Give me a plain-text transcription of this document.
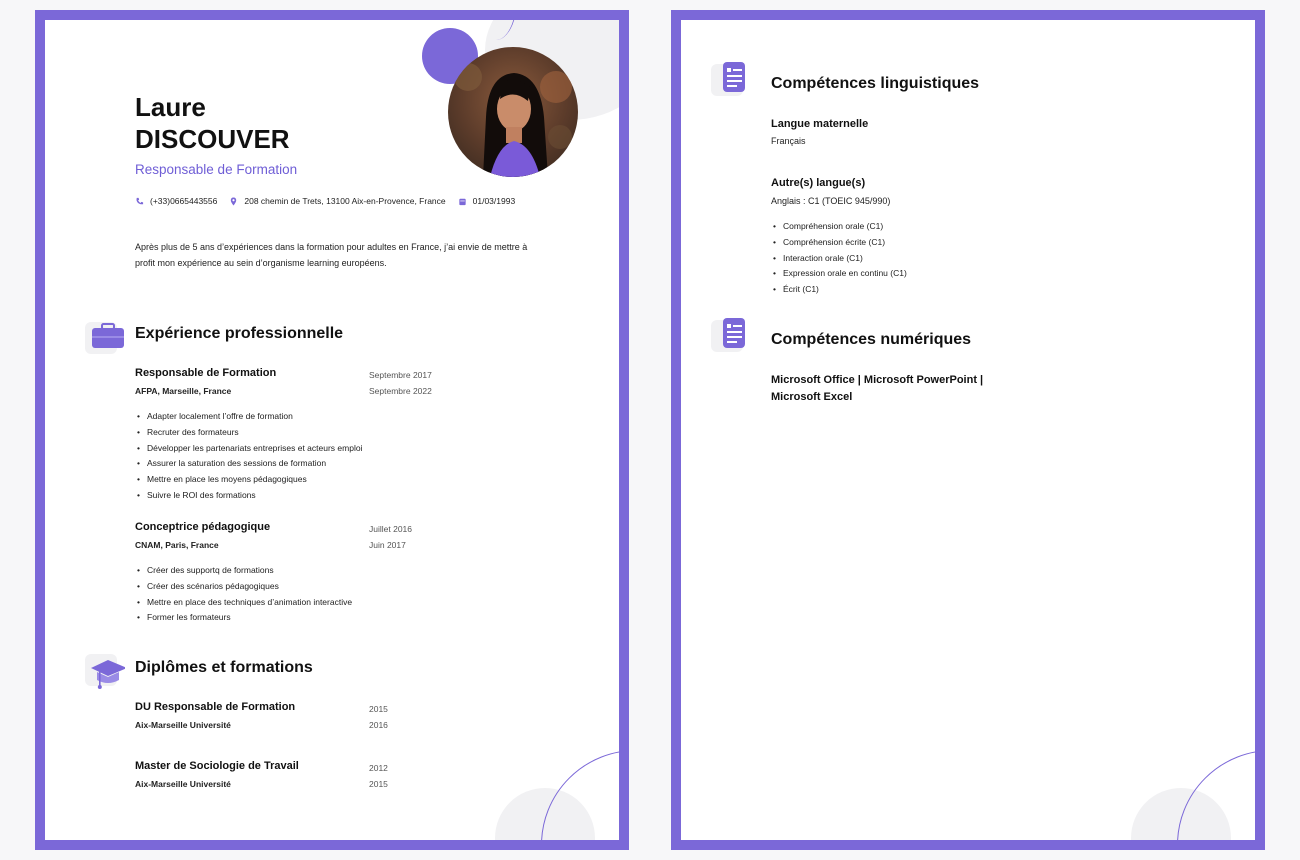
Laure
DISCOUVER
Responsable de Formation
(+33)0665443556	208 chemin de Trets, 13100 Aix-en-Provence, France	01/03/1993
Après plus de 5 ans d’expériences dans la formation pour adultes en France, j’ai envie de mettre à profit mon expérience au sein d’organisme learning européens.
Expérience professionnelle
Responsable de Formation
AFPA, Marseille, France
Septembre 2017
Septembre 2022
• Adapter localement l’offre de formation
• Recruter des formateurs
• Développer les partenariats entreprises et acteurs emploi
• Assurer la saturation des sessions de formation
• Mettre en place les moyens pédagogiques
• Suivre le ROI des formations
Conceptrice pédagogique
CNAM, Paris, France
Juillet 2016
Juin 2017
• Créer des supportq de formations
• Créer des scénarios pédagogiques
• Mettre en place des techniques d’animation interactive
• Former les formateurs
Diplômes et formations
DU Responsable de Formation
Aix-Marseille Université
2015
2016
Master de Sociologie de Travail
Aix-Marseille Université
2012
2015
Compétences linguistiques
Langue maternelle
Français
Autre(s) langue(s)
Anglais : C1 (TOEIC 945/990)
• Compréhension orale (C1)
• Compréhension écrite (C1)
• Interaction orale (C1)
• Expression orale en continu (C1)
• Écrit (C1)
Compétences numériques
Microsoft Office | Microsoft PowerPoint | Microsoft Excel
